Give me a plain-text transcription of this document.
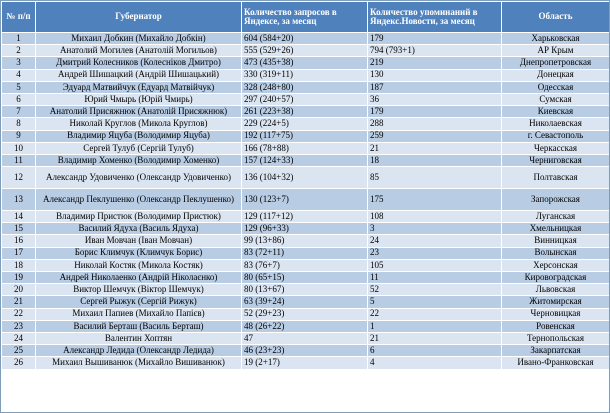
№ п/п	Губернатор	Количество запросов в Яндексе, за месяц	Количество упоминаний в Яндекс.Новости, за месяц	Область
1	Михаил Добкин (Михайло Добкін)	604 (584+20)	179	Харьковская
2	Анатолий Могилев (Анатолій Могильов)	555 (529+26)	794 (793+1)	АР Крым
3	Дмитрий Колесников (Колесніков Дмитро)	473 (435+38)	219	Днепропетровская
4	Андрей Шишацкий (Андрій Шишацький)	330 (319+11)	130	Донецкая
5	Эдуард Матвийчук (Едуард Матвійчук)	328 (248+80)	187	Одесская
6	Юрий Чмырь (Юрій Чмирь)	297 (240+57)	36	Сумская
7	Анатолий Присяжнюк (Анатолій Присяжнюк)	261 (223+38)	179	Киевская
8	Николай Круглов (Микола Круглов)	229 (224+5)	288	Николаевская
9	Владимир Яцуба (Володимир Яцуба)	192 (117+75)	259	г. Севастополь
10	Сергей Тулуб (Сергій Тулуб)	166 (78+88)	21	Черкасская
11	Владимир Хоменко (Володимир Хоменко)	157 (124+33)	18	Черниговская
12	Александр Удовиченко (Олександр Удовиченко)	136 (104+32)	85	Полтавская
13	Александр Пеклушенко (Олександр Пеклушенко)	130 (123+7)	175	Запорожская
14	Владимир Пристюк (Володимир Пристюк)	129 (117+12)	108	Луганская
15	Василий Ядуха (Василь Ядуха)	129 (96+33)	3	Хмельницкая
16	Иван Мовчан (Іван Мовчан)	99 (13+86)	24	Винницкая
17	Борис Климчук (Климчук Борис)	83 (72+11)	23	Волынская
18	Николай Костяк (Микола Костяк)	83 (76+7)	105	Херсонская
19	Андрей Николаенко (Андрій Ніколаєнко)	80 (65+15)	11	Кировоградская
20	Виктор Шемчук (Віктор Шемчук)	80 (13+67)	52	Львовская
21	Сергей Рыжук (Сергій Рижук)	63 (39+24)	5	Житомирская
22	Михаил Папиев (Михайло Папієв)	52 (29+23)	22	Черновицкая
23	Василий Берташ (Василь Берташ)	48 (26+22)	1	Ровенская
24	Валентин Хоптян	47	21	Тернопольская
25	Александр Ледида (Олександр Ледида)	46 (23+23)	6	Закарпатская
26	Михаил Вышиванюк (Михайло Вишиванюк)	19 (2+17)	4	Ивано-Франковская
